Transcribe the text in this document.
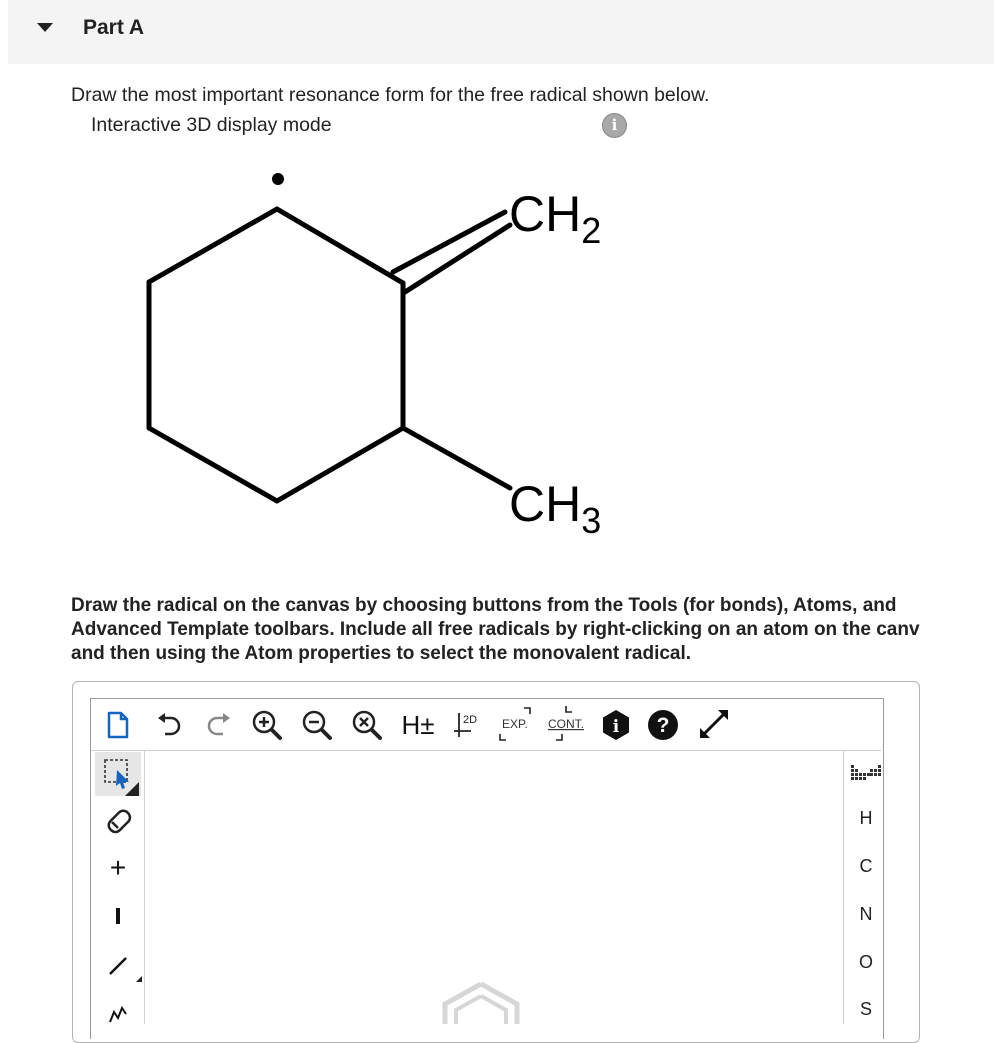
Part A
Draw the most important resonance form for the free radical shown below.
Interactive 3D display mode	i
$CH_2$
$CH_3$
Draw the radical on the canvas by choosing buttons from the Tools (for bonds), Atoms, and
Advanced Template toolbars. Include all free radicals by right-clicking on an atom on the canv
and then using the Atom properties to select the monovalent radical.
H±	2D EXP. CONT. i ?
+
H
C
N
O
S
